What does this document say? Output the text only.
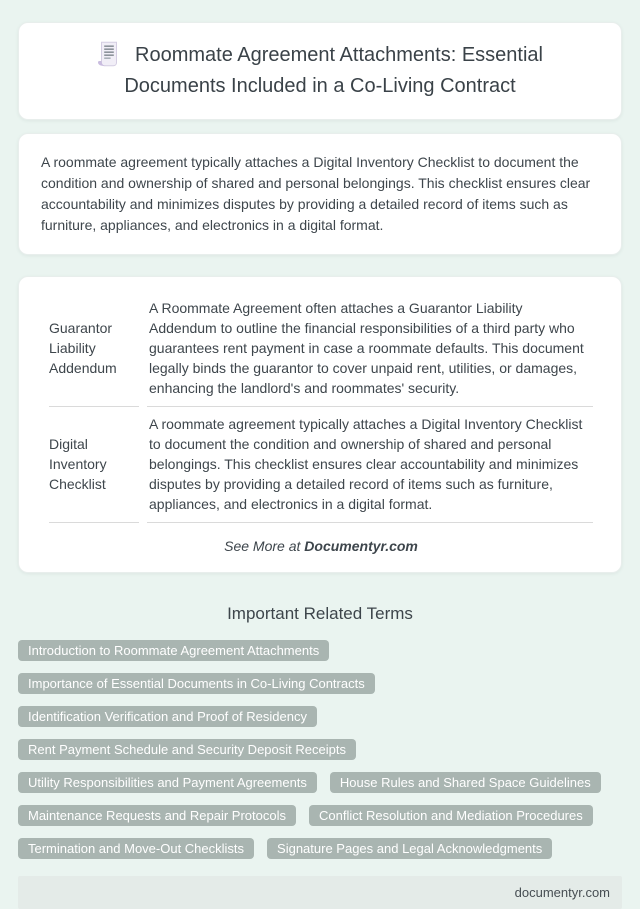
Roommate Agreement Attachments: Essential Documents Included in a Co-Living Contract

A roommate agreement typically attaches a Digital Inventory Checklist to document the condition and ownership of shared and personal belongings. This checklist ensures clear accountability and minimizes disputes by providing a detailed record of items such as furniture, appliances, and electronics in a digital format.

Guarantor Liability Addendum	A Roommate Agreement often attaches a Guarantor Liability Addendum to outline the financial responsibilities of a third party who guarantees rent payment in case a roommate defaults. This document legally binds the guarantor to cover unpaid rent, utilities, or damages, enhancing the landlord's and roommates' security.
Digital Inventory Checklist	A roommate agreement typically attaches a Digital Inventory Checklist to document the condition and ownership of shared and personal belongings. This checklist ensures clear accountability and minimizes disputes by providing a detailed record of items such as furniture, appliances, and electronics in a digital format.

See More at Documentyr.com

Important Related Terms
Introduction to Roommate Agreement Attachments
Importance of Essential Documents in Co-Living Contracts
Identification Verification and Proof of Residency
Rent Payment Schedule and Security Deposit Receipts
Utility Responsibilities and Payment Agreements	House Rules and Shared Space Guidelines
Maintenance Requests and Repair Protocols	Conflict Resolution and Mediation Procedures
Termination and Move-Out Checklists	Signature Pages and Legal Acknowledgments
documentyr.com
